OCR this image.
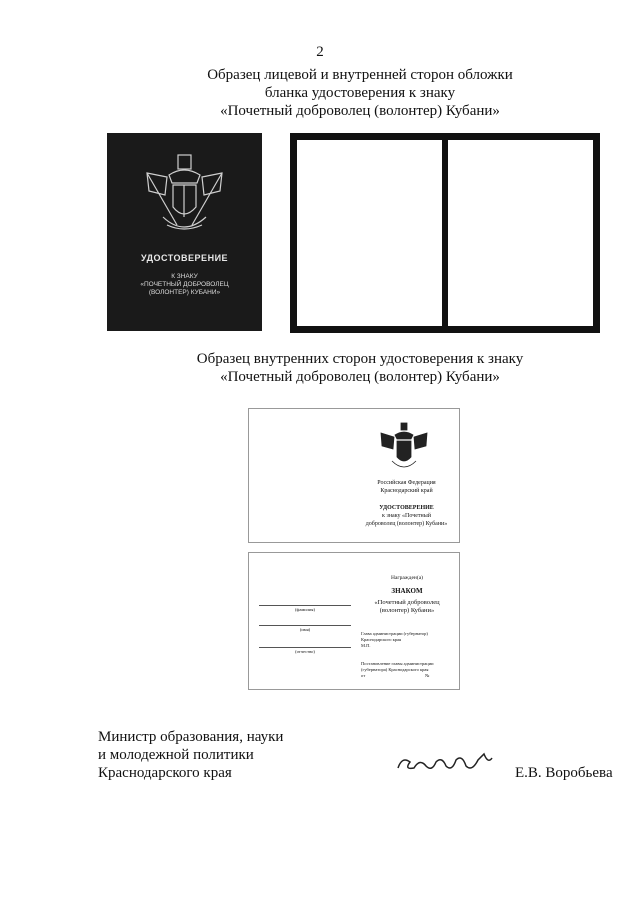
2
Образец лицевой и внутренней сторон обложки
бланка удостоверения к знаку
«Почетный доброволец (волонтер) Кубани»
УДОСТОВЕРЕНИЕ
К ЗНАКУ
«ПОЧЕТНЫЙ ДОБРОВОЛЕЦ
(ВОЛОНТЕР) КУБАНИ»
Образец внутренних сторон удостоверения к знаку
«Почетный доброволец (волонтер) Кубани»
Российская Федерация
Краснодарский край
УДОСТОВЕРЕНИЕ
к знаку «Почетный
доброволец (волонтер) Кубани»
Награжден(а)
ЗНАКОМ
«Почетный доброволец
(волонтер) Кубани»
(фамилия)
(имя)
(отчество)
Глава администрации (губернатор)
Краснодарского края
М.П.
Постановление главы администрации
(губернатора) Краснодарского края
от	№
Министр образования, науки
и молодежной политики
Краснодарского края	Е.В. Воробьева
